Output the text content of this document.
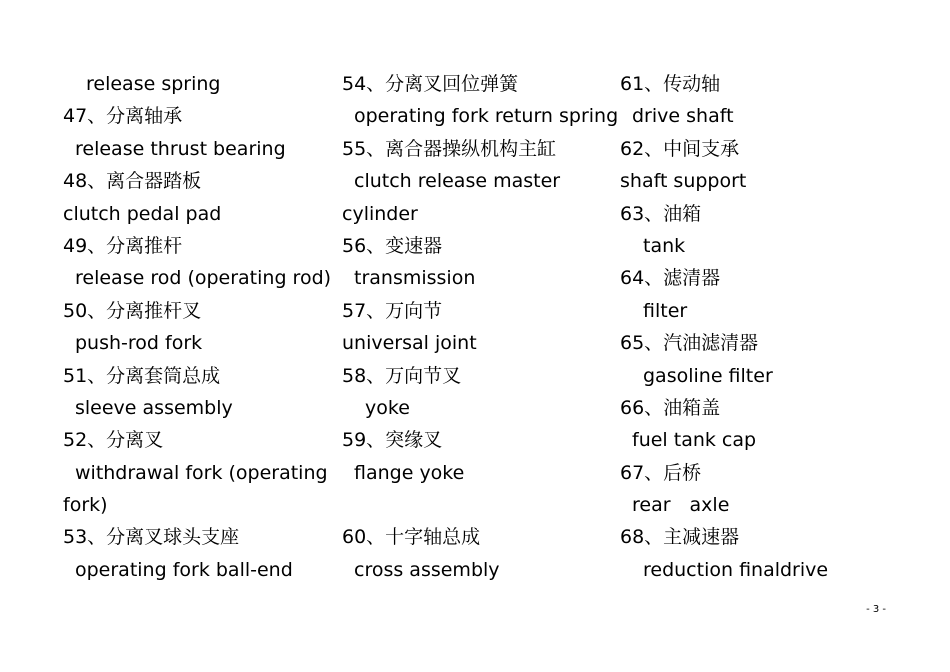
release spring
47、分离轴承
release thrust bearing
48、离合器踏板
clutch pedal pad
49、分离推杆
release rod (operating rod)
50、分离推杆叉
push-rod fork
51、分离套筒总成
sleeve assembly
52、分离叉
withdrawal fork (operating
fork)
53、分离叉球头支座
operating fork ball-end
54、分离叉回位弹簧
operating fork return spring
55、离合器操纵机构主缸
clutch release master
cylinder
56、变速器
transmission
57、万向节
universal joint
58、万向节叉
yoke
59、突缘叉
flange yoke
60、十字轴总成
cross assembly
61、传动轴
drive shaft
62、中间支承
shaft support
63、油箱
tank
64、滤清器
filter
65、汽油滤清器
gasoline filter
66、油箱盖
fuel tank cap
67、后桥
rear　axle
68、主减速器
reduction finaldrive
- 3 -
